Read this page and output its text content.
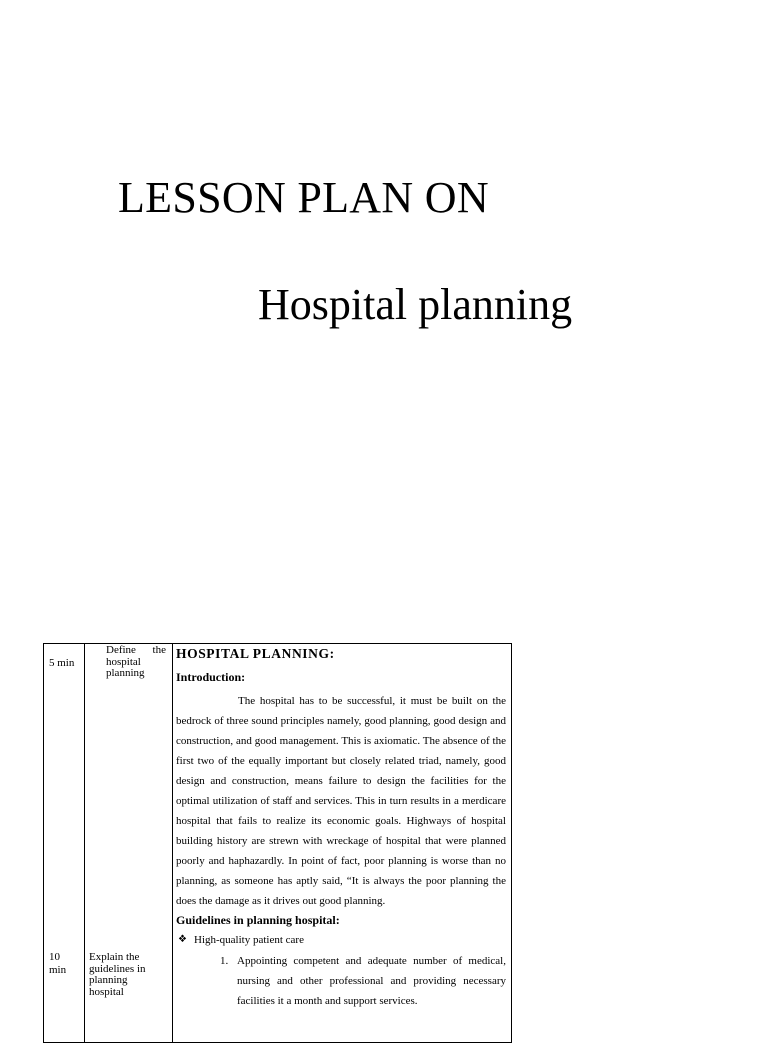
LESSON PLAN ON
Hospital planning
5 min
Define the hospital planning
10 min
Explain the guidelines in planning hospital
HOSPITAL PLANNING:
Introduction:
The hospital has to be successful, it must be built on the bedrock of three sound principles namely, good planning, good design and construction, and good management. This is axiomatic. The absence of the first two of the equally important but closely related triad, namely, good design and construction, means failure to design the facilities for the optimal utilization of staff and services. This in turn results in a merdicare hospital that fails to realize its economic goals. Highways of hospital building history are strewn with wreckage of hospital that were planned poorly and haphazardly. In point of fact, poor planning is worse than no planning, as someone has aptly said, “It is always the poor planning the does the damage as it drives out good planning.
Guidelines in planning hospital:
❖ High-quality patient care
1. Appointing competent and adequate number of medical, nursing and other professional and providing necessary facilities it a month and support services.
